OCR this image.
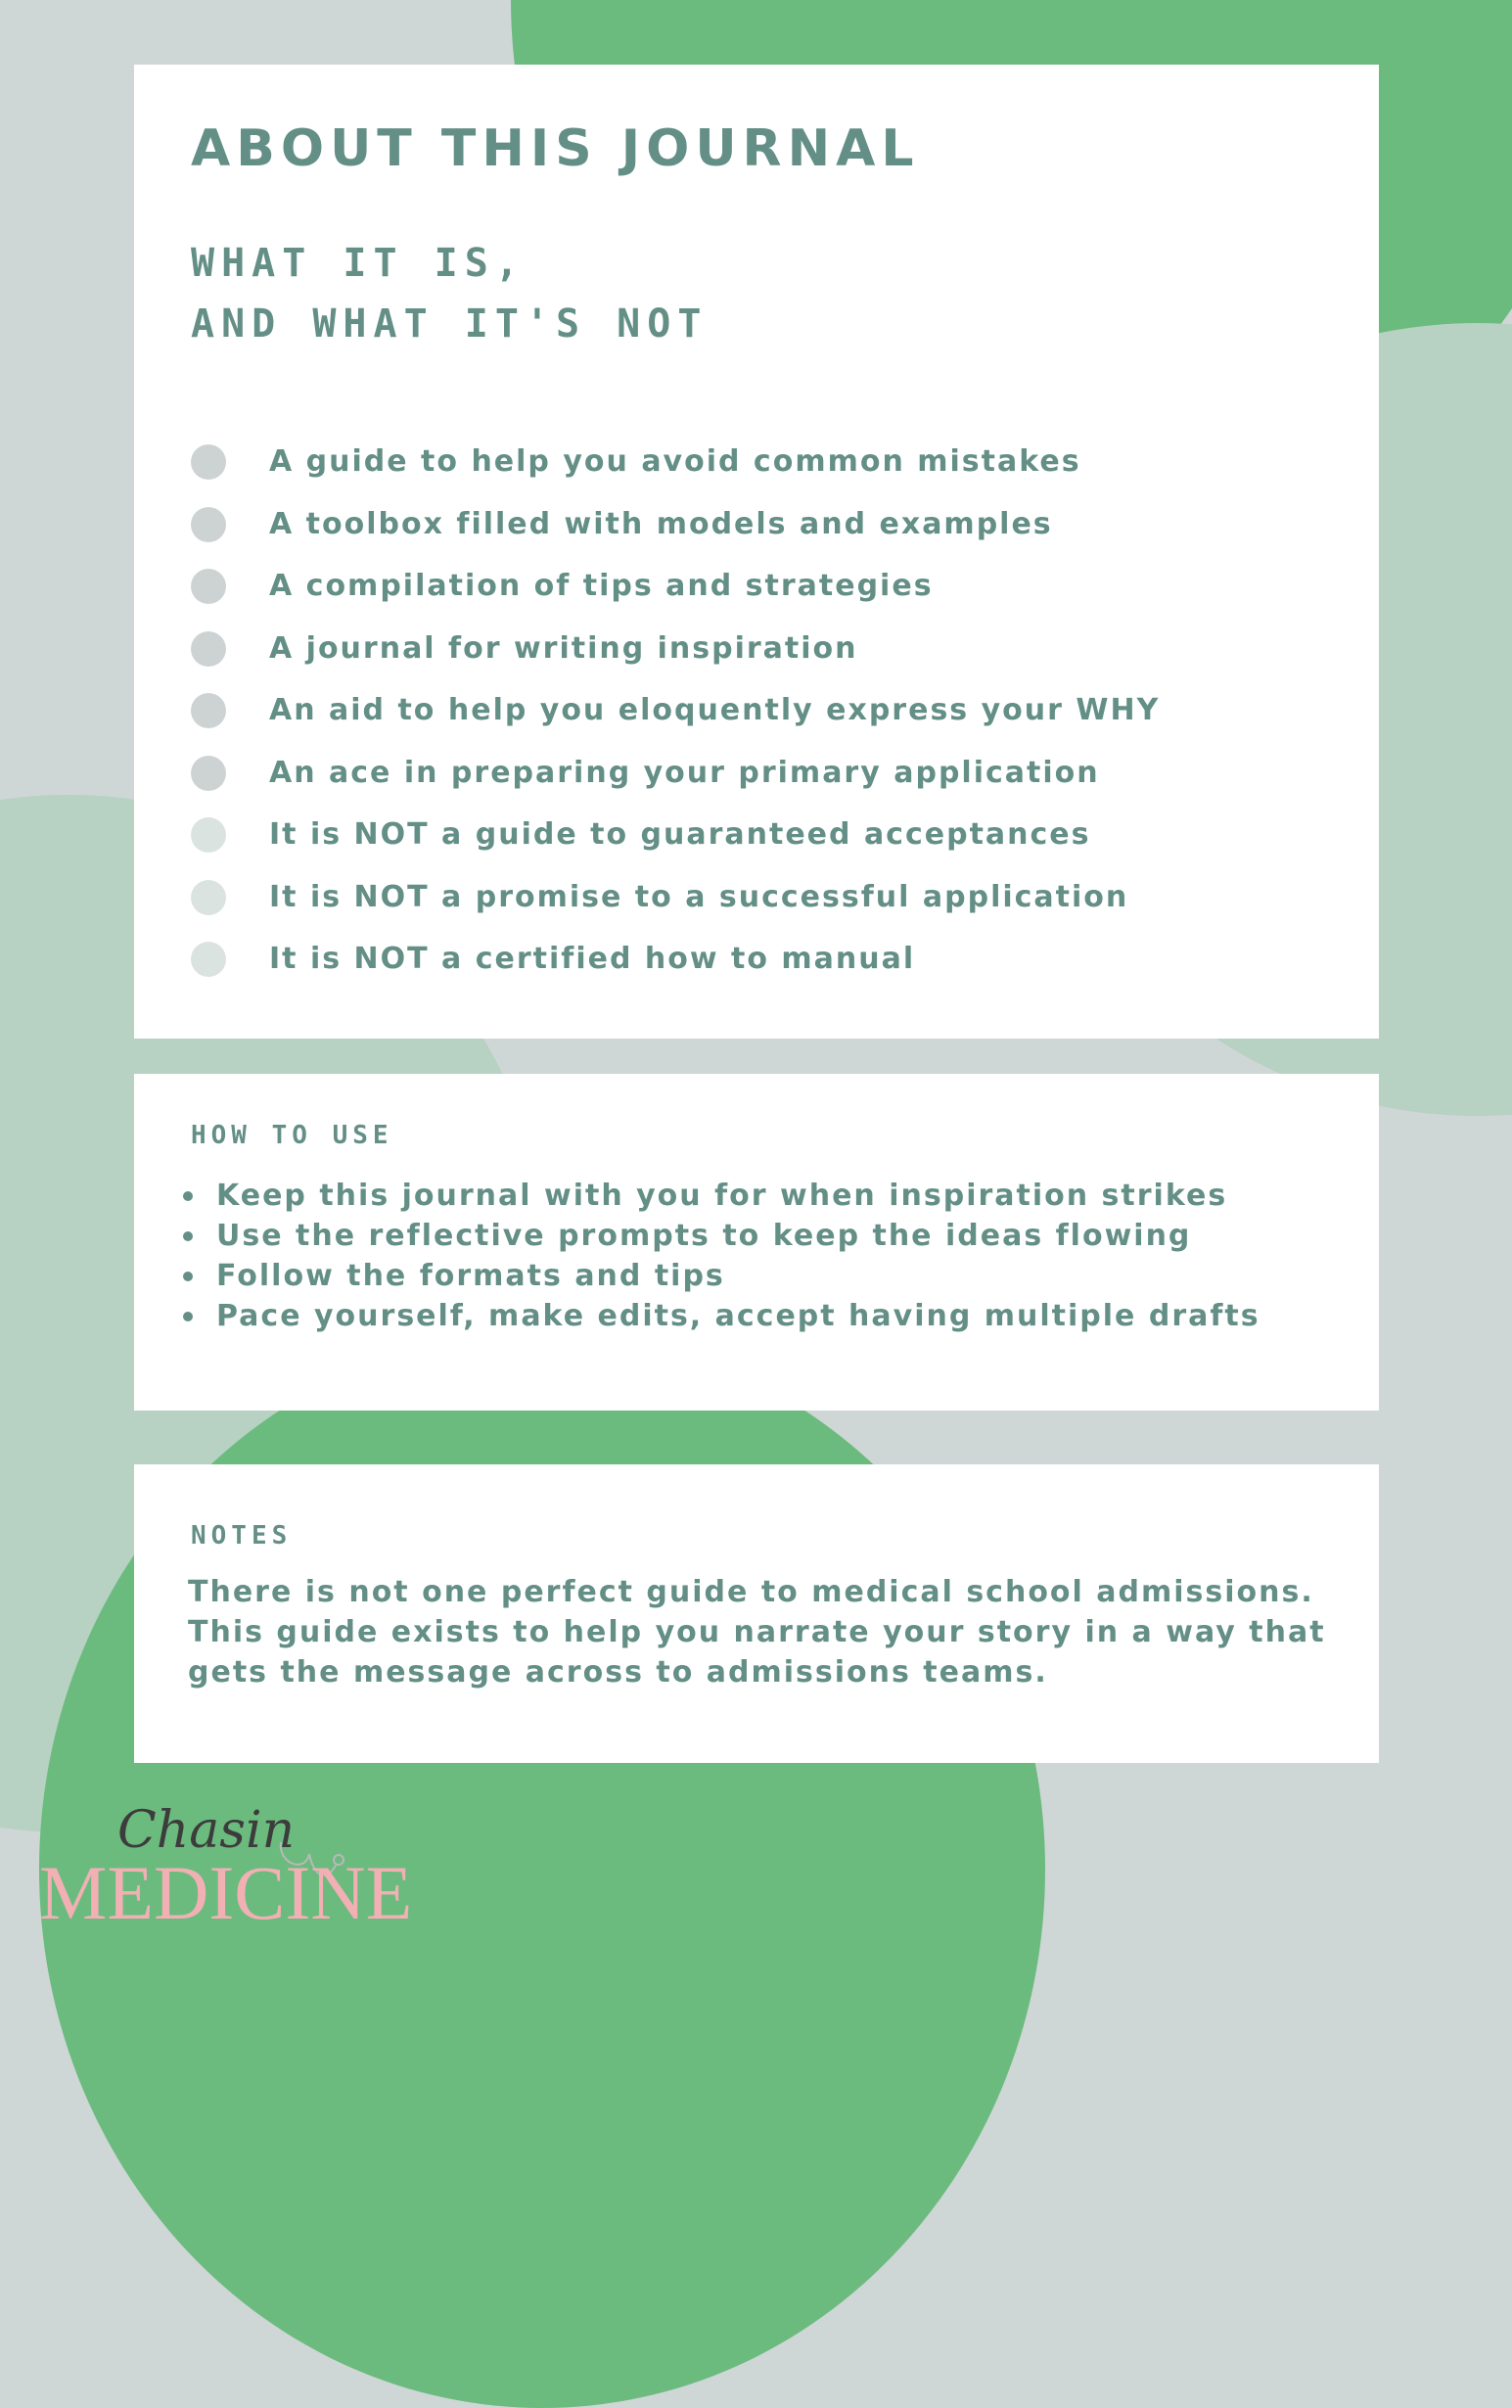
ABOUT THIS JOURNAL
WHAT IT IS,
AND WHAT IT'S NOT
A guide to help you avoid common mistakes
A toolbox filled with models and examples
A compilation of tips and strategies
A journal for writing inspiration
An aid to help you eloquently express your WHY
An ace in preparing your primary application
It is NOT a guide to guaranteed acceptances
It is NOT a promise to a successful application
It is NOT a certified how to manual
HOW TO USE
Keep this journal with you for when inspiration strikes
Use the reflective prompts to keep the ideas flowing
Follow the formats and tips
Pace yourself, make edits, accept having multiple drafts
NOTES

There is not one perfect guide to medical school admissions.
This guide exists to help you narrate your story in a way that
gets the message across to admissions teams.

Chasin

MEDICINE
